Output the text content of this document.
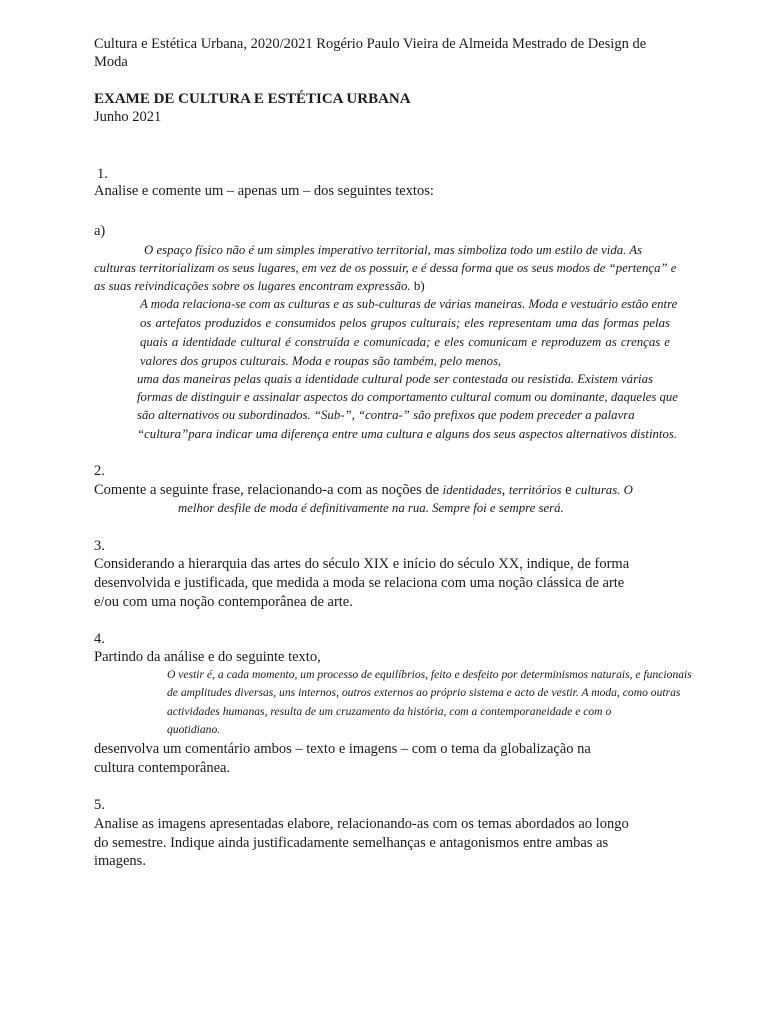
Cultura e Estética Urbana, 2020/2021 Rogério Paulo Vieira de Almeida Mestrado de Design de
Moda
EXAME DE CULTURA E ESTÉTICA URBANA
Junho 2021
1.
Analise e comente um – apenas um – dos seguintes textos:
a)
O espaço físico não é um simples imperativo territorial, mas simboliza todo um estilo de vida. As
culturas territorializam os seus lugares, em vez de os possuir, e é dessa forma que os seus modos de “pertença” e
as suas reivindicações sobre os lugares encontram expressão. b)
A moda relaciona-se com as culturas e as sub-culturas de várias maneiras. Moda e vestuário estão entre
os artefatos produzidos e consumidos pelos grupos culturais; eles representam uma das formas pelas
quais a identidade cultural é construída e comunicada; e eles comunicam e reproduzem as crenças e
valores dos grupos culturais. Moda e roupas são também, pelo menos,
uma das maneiras pelas quais a identidade cultural pode ser contestada ou resistida. Existem várias
formas de distinguir e assinalar aspectos do comportamento cultural comum ou dominante, daqueles que
são alternativos ou subordinados. “Sub-”, “contra-” são prefixos que podem preceder a palavra
“cultura”para indicar uma diferença entre uma cultura e alguns dos seus aspectos alternativos distintos.
2.
Comente a seguinte frase, relacionando-a com as noções de identidades, territórios e culturas. O
melhor desfile de moda é definitivamente na rua. Sempre foi e sempre será.
3.
Considerando a hierarquia das artes do século XIX e início do século XX, indique, de forma
desenvolvida e justificada, que medida a moda se relaciona com uma noção clássica de arte
e/ou com uma noção contemporânea de arte.
4.
Partindo da análise e do seguinte texto,
O vestir é, a cada momento, um processo de equilíbrios, feito e desfeito por determinismos naturais, e funcionais
de amplitudes diversas, uns internos, outros externos ao próprio sistema e acto de vestir. A moda, como outras
actividades humanas, resulta de um cruzamento da história, com a contemporaneidade e com o
quotidiano.
desenvolva um comentário ambos – texto e imagens – com o tema da globalização na
cultura contemporânea.
5.
Analise as imagens apresentadas elabore, relacionando-as com os temas abordados ao longo
do semestre. Indique ainda justificadamente semelhanças e antagonismos entre ambas as
imagens.
